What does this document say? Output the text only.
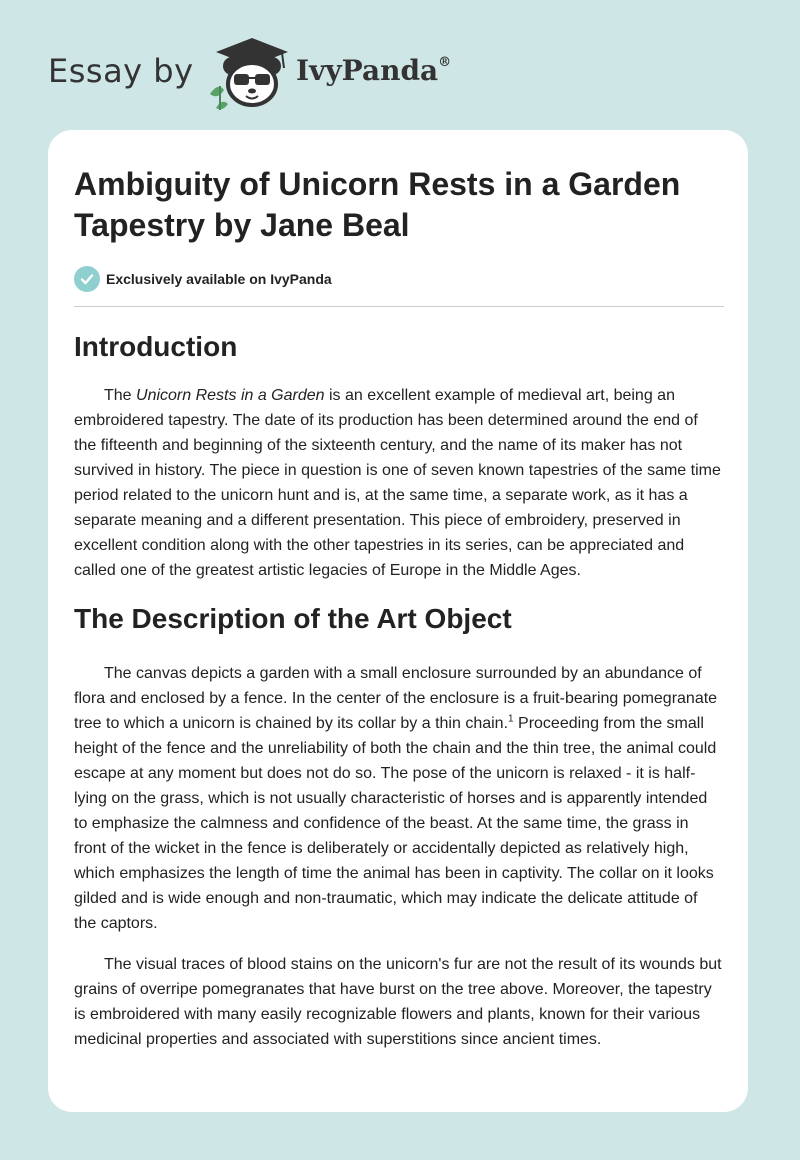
Essay by	IvyPanda®
Ambiguity of Unicorn Rests in a Garden Tapestry by Jane Beal
Exclusively available on IvyPanda
Introduction

The Unicorn Rests in a Garden is an excellent example of medieval art, being an embroidered tapestry. The date of its production has been determined around the end of the fifteenth and beginning of the sixteenth century, and the name of its maker has not survived in history. The piece in question is one of seven known tapestries of the same time period related to the unicorn hunt and is, at the same time, a separate work, as it has a separate meaning and a different presentation. This piece of embroidery, preserved in excellent condition along with the other tapestries in its series, can be appreciated and called one of the greatest artistic legacies of Europe in the Middle Ages.

The Description of the Art Object

The canvas depicts a garden with a small enclosure surrounded by an abundance of flora and enclosed by a fence. In the center of the enclosure is a fruit-bearing pomegranate tree to which a unicorn is chained by its collar by a thin chain.$^1$ Proceeding from the small height of the fence and the unreliability of both the chain and the thin tree, the animal could escape at any moment but does not do so. The pose of the unicorn is relaxed - it is half-lying on the grass, which is not usually characteristic of horses and is apparently intended to emphasize the calmness and confidence of the beast. At the same time, the grass in front of the wicket in the fence is deliberately or accidentally depicted as relatively high, which emphasizes the length of time the animal has been in captivity. The collar on it looks gilded and is wide enough and non-traumatic, which may indicate the delicate attitude of the captors.

The visual traces of blood stains on the unicorn's fur are not the result of its wounds but grains of overripe pomegranates that have burst on the tree above. Moreover, the tapestry is embroidered with many easily recognizable flowers and plants, known for their various medicinal properties and associated with superstitions since ancient times.
